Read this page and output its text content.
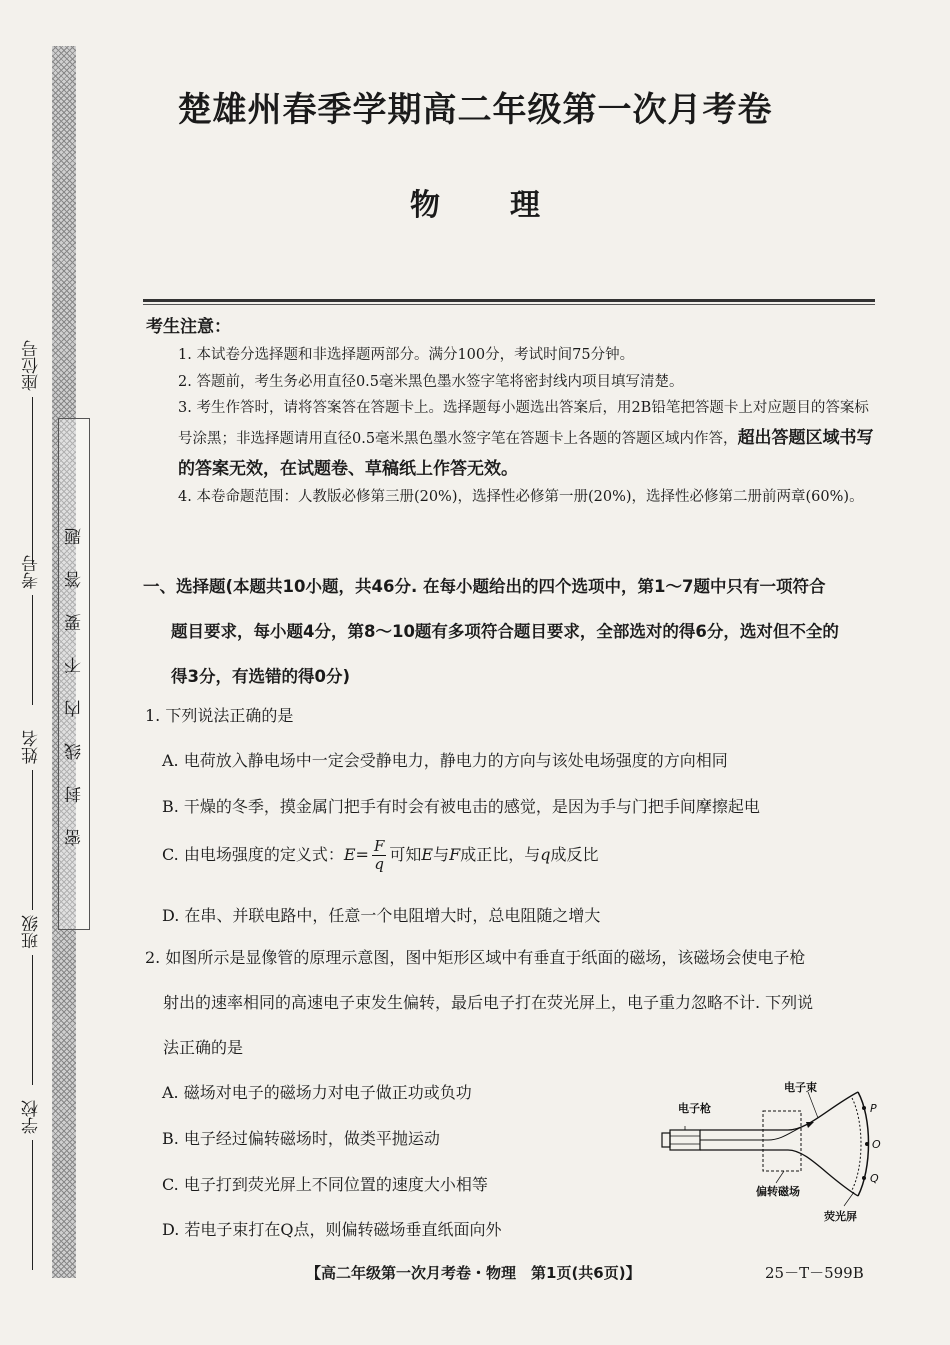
座位号
考号
姓名
班级
学校
密封线内不要答题
楚雄州春季学期高二年级第一次月考卷
物理
考生注意：
1. 本试卷分选择题和非选择题两部分。满分100分，考试时间75分钟。
2. 答题前，考生务必用直径0.5毫米黑色墨水签字笔将密封线内项目填写清楚。
3. 考生作答时，请将答案答在答题卡上。选择题每小题选出答案后，用2B铅笔把答题卡上对应题目的答案标号涂黑；非选择题请用直径0.5毫米黑色墨水签字笔在答题卡上各题的答题区域内作答，超出答题区域书写的答案无效，在试题卷、草稿纸上作答无效。
4. 本卷命题范围：人教版必修第三册(20%)，选择性必修第一册(20%)，选择性必修第二册前两章(60%)。
一、选择题(本题共10小题，共46分. 在每小题给出的四个选项中，第1～7题中只有一项符合
题目要求，每小题4分，第8～10题有多项符合题目要求，全部选对的得6分，选对但不全的
得3分，有选错的得0分)
1. 下列说法正确的是
A. 电荷放入静电场中一定会受静电力，静电力的方向与该处电场强度的方向相同
B. 干燥的冬季，摸金属门把手有时会有被电击的感觉，是因为手与门把手间摩擦起电
C. 由电场强度的定义式：$E= \frac{F}{q}$ 可知E与F成正比，与q成反比
D. 在串、并联电路中，任意一个电阻增大时，总电阻随之增大
2. 如图所示是显像管的原理示意图，图中矩形区域中有垂直于纸面的磁场，该磁场会使电子枪
射出的速率相同的高速电子束发生偏转，最后电子打在荧光屏上，电子重力忽略不计. 下列说
法正确的是
A. 磁场对电子的磁场力对电子做正功或负功
B. 电子经过偏转磁场时，做类平抛运动
C. 电子打到荧光屏上不同位置的速度大小相等
D. 若电子束打在Q点，则偏转磁场垂直纸面向外
电子枪
电子束
偏转磁场
荧光屏
P
O
Q
【高二年级第一次月考卷・物理　第1页(共6页)】	25－T－599B
